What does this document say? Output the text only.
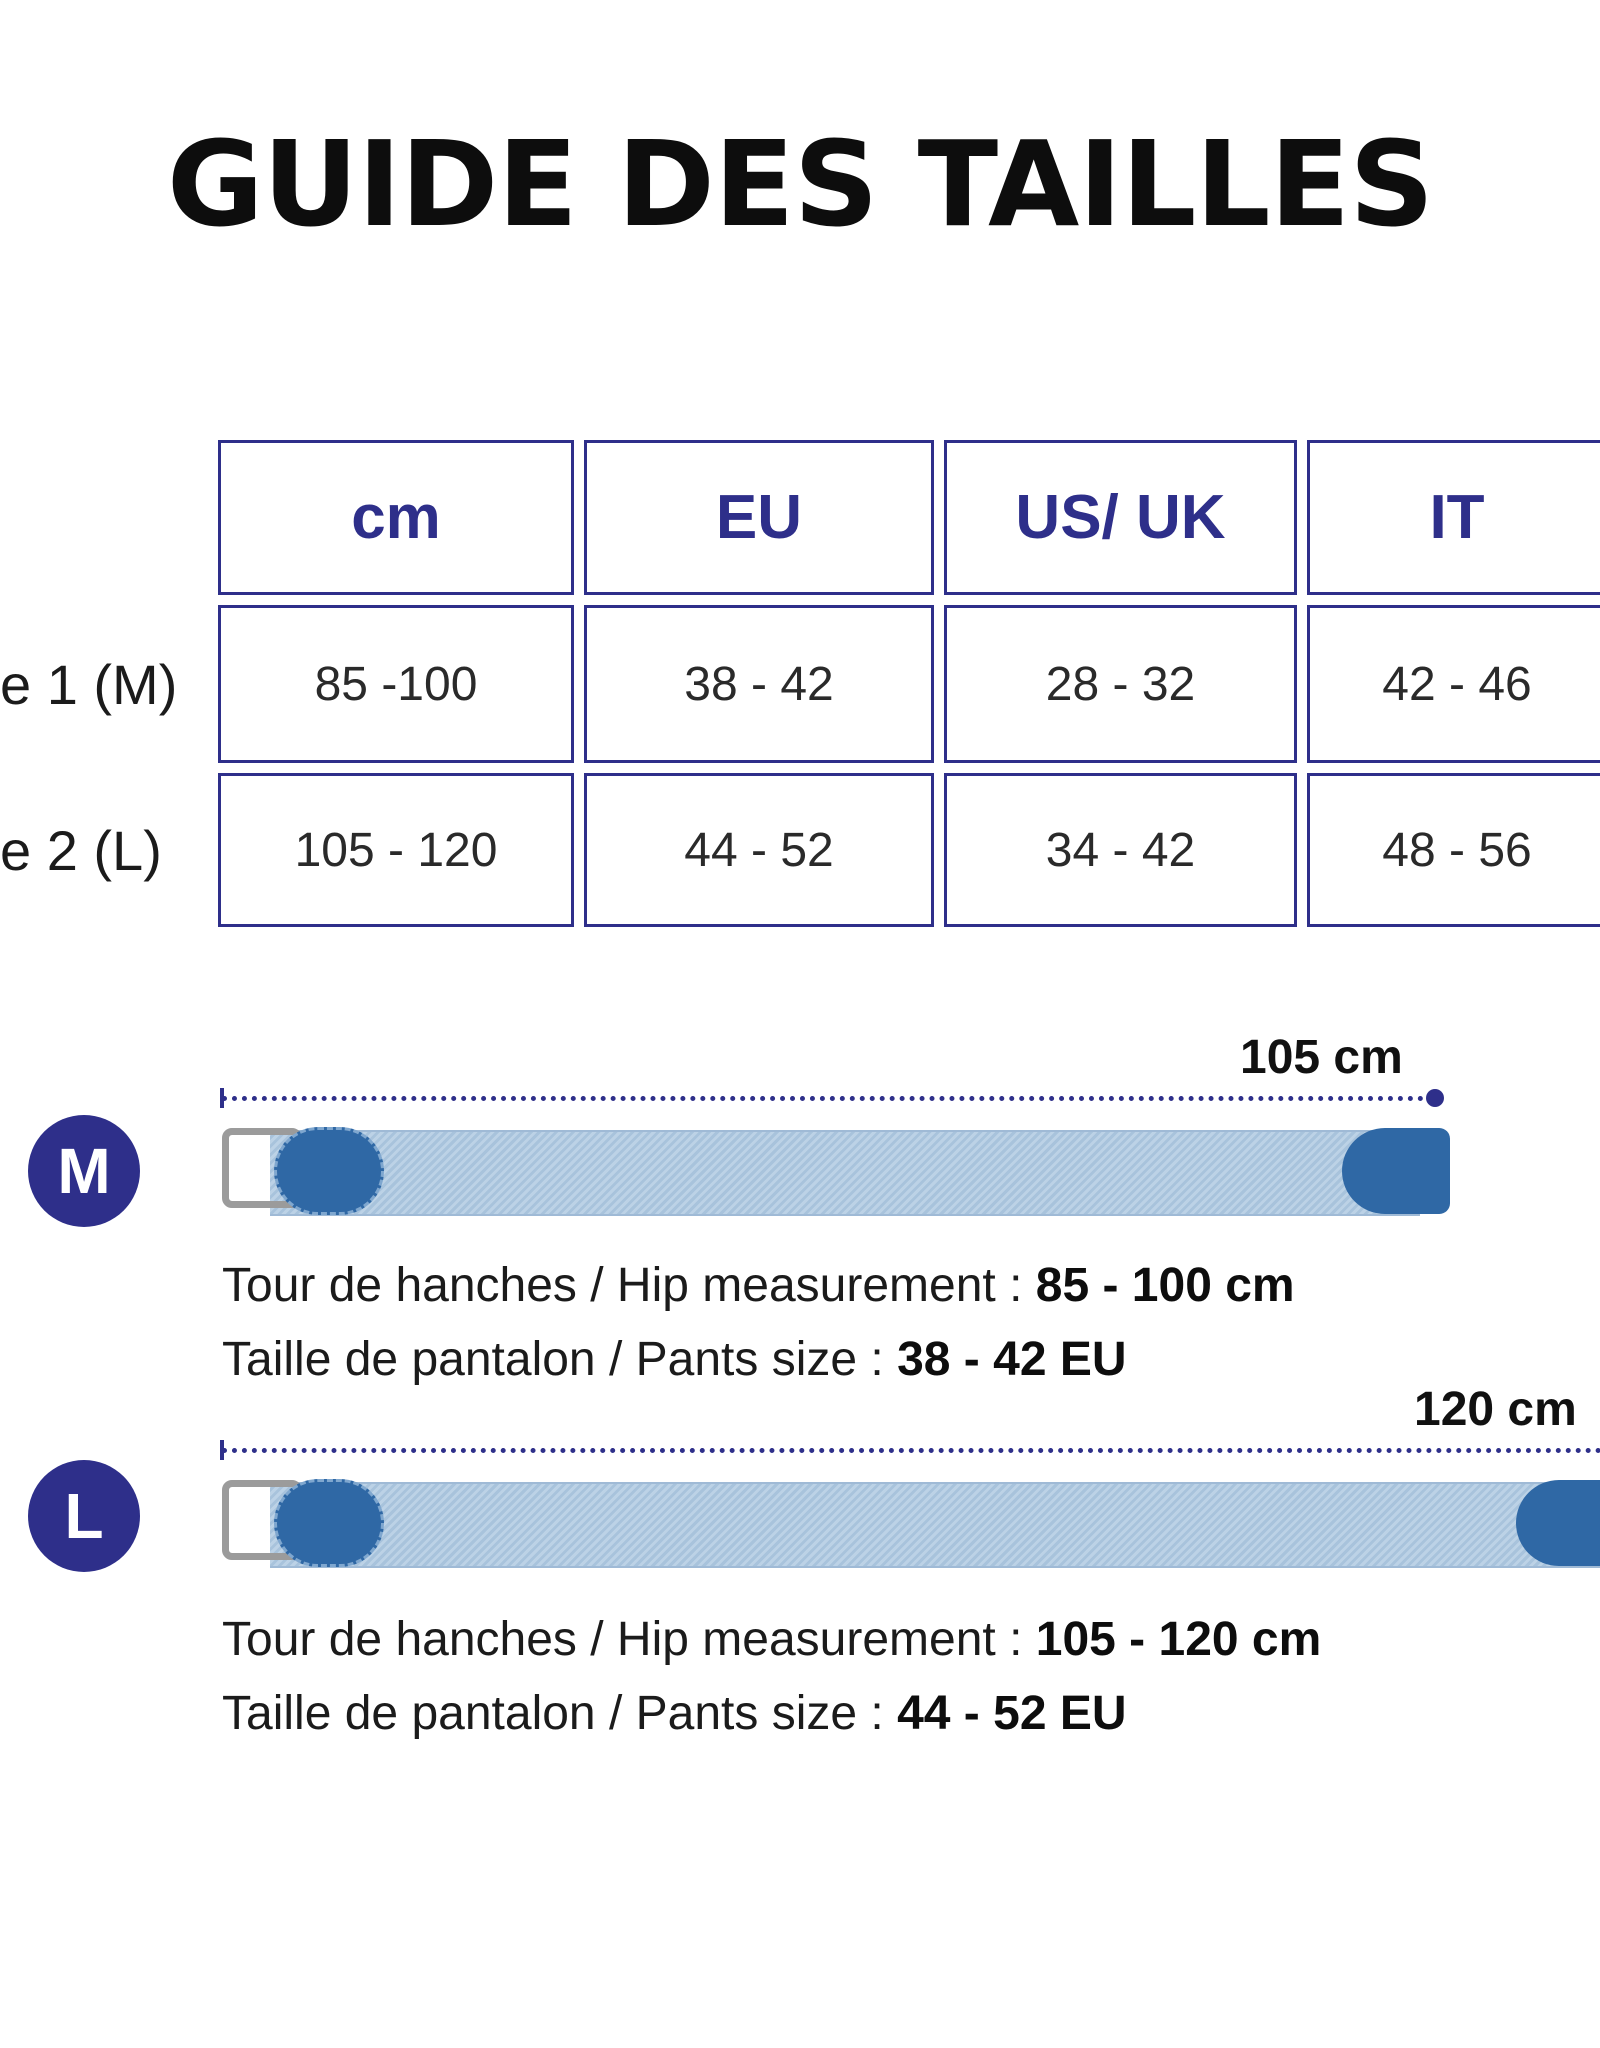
GUIDE DES TAILLES
cm	EU	US/ UK	IT
e 1 (M)	85 -100	38 - 42	28 - 32	42 - 46
e 2 (L)	105 - 120	44 - 52	34 - 42	48 - 56
105 cm
M
Tour de hanches / Hip measurement : 85 - 100 cm
Taille de pantalon / Pants size : 38 - 42 EU
120 cm
L
Tour de hanches / Hip measurement : 105 - 120 cm
Taille de pantalon / Pants size : 44 - 52 EU
